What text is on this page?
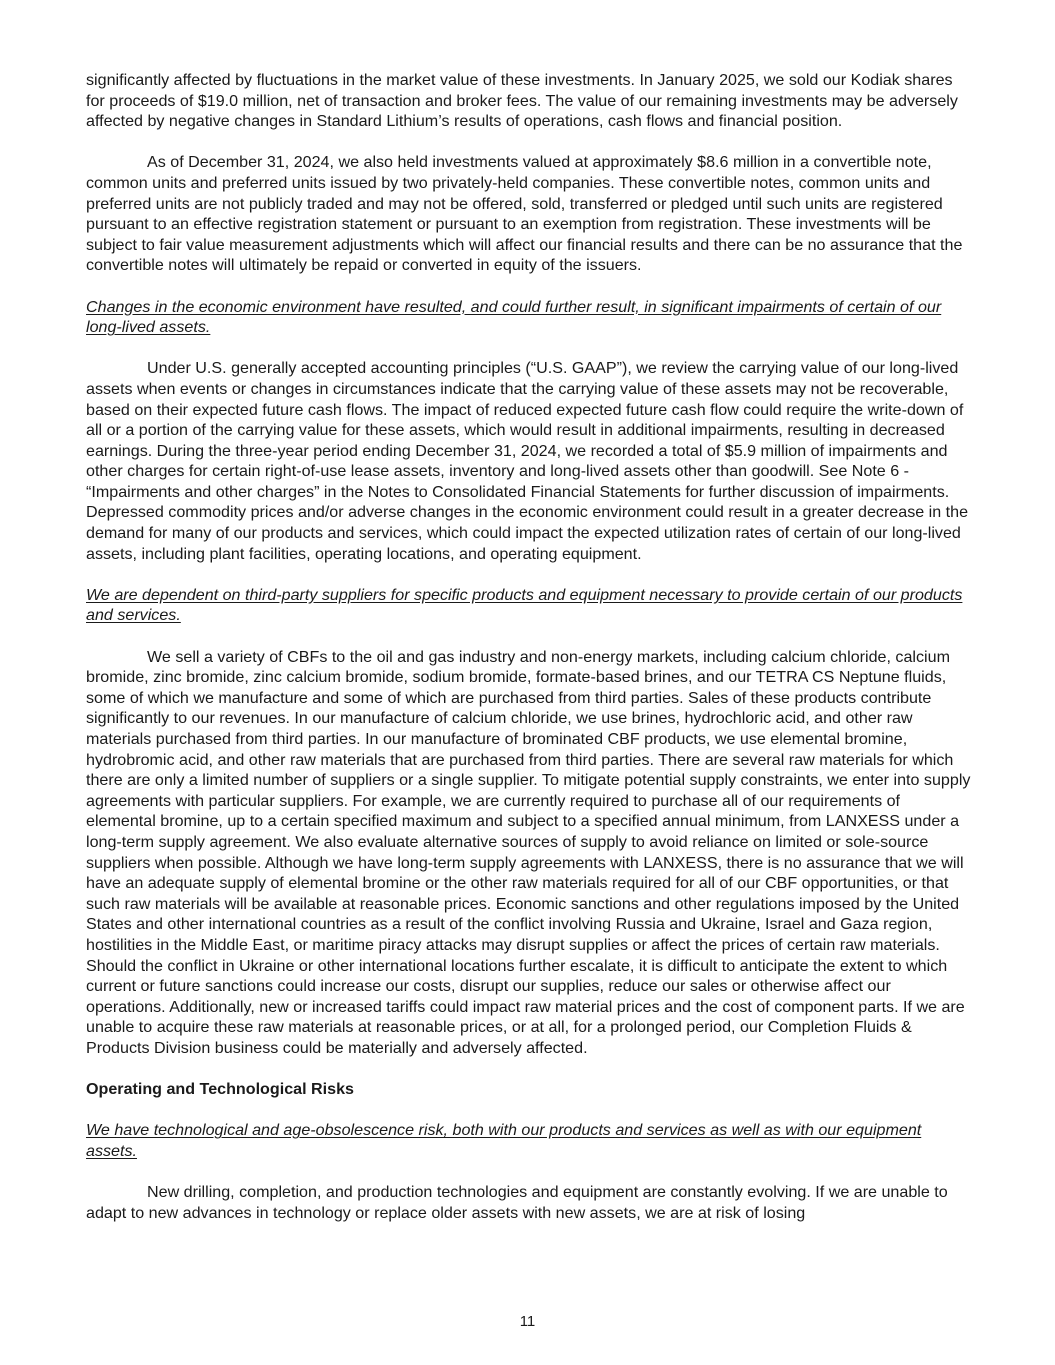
significantly affected by fluctuations in the market value of these investments. In January 2025, we sold our Kodiak shares for proceeds of $19.0 million, net of transaction and broker fees. The value of our remaining investments may be adversely affected by negative changes in Standard Lithium’s results of operations, cash flows and financial position.

As of December 31, 2024, we also held investments valued at approximately $8.6 million in a convertible note, common units and preferred units issued by two privately-held companies. These convertible notes, common units and preferred units are not publicly traded and may not be offered, sold, transferred or pledged until such units are registered pursuant to an effective registration statement or pursuant to an exemption from registration. These investments will be subject to fair value measurement adjustments which will affect our financial results and there can be no assurance that the convertible notes will ultimately be repaid or converted in equity of the issuers.

Changes in the economic environment have resulted, and could further result, in significant impairments of certain of our long-lived assets.

Under U.S. generally accepted accounting principles (“U.S. GAAP”), we review the carrying value of our long-lived assets when events or changes in circumstances indicate that the carrying value of these assets may not be recoverable, based on their expected future cash flows. The impact of reduced expected future cash flow could require the write-down of all or a portion of the carrying value for these assets, which would result in additional impairments, resulting in decreased earnings. During the three-year period ending December 31, 2024, we recorded a total of $5.9 million of impairments and other charges for certain right-of-use lease assets, inventory and long-lived assets other than goodwill. See Note 6 - “Impairments and other charges” in the Notes to Consolidated Financial Statements for further discussion of impairments. Depressed commodity prices and/or adverse changes in the economic environment could result in a greater decrease in the demand for many of our products and services, which could impact the expected utilization rates of certain of our long-lived assets, including plant facilities, operating locations, and operating equipment.

We are dependent on third-party suppliers for specific products and equipment necessary to provide certain of our products and services.

We sell a variety of CBFs to the oil and gas industry and non-energy markets, including calcium chloride, calcium bromide, zinc bromide, zinc calcium bromide, sodium bromide, formate-based brines, and our TETRA CS Neptune fluids, some of which we manufacture and some of which are purchased from third parties. Sales of these products contribute significantly to our revenues. In our manufacture of calcium chloride, we use brines, hydrochloric acid, and other raw materials purchased from third parties. In our manufacture of brominated CBF products, we use elemental bromine, hydrobromic acid, and other raw materials that are purchased from third parties. There are several raw materials for which there are only a limited number of suppliers or a single supplier. To mitigate potential supply constraints, we enter into supply agreements with particular suppliers. For example, we are currently required to purchase all of our requirements of elemental bromine, up to a certain specified maximum and subject to a specified annual minimum, from LANXESS under a long-term supply agreement. We also evaluate alternative sources of supply to avoid reliance on limited or sole-source suppliers when possible. Although we have long-term supply agreements with LANXESS, there is no assurance that we will have an adequate supply of elemental bromine or the other raw materials required for all of our CBF opportunities, or that such raw materials will be available at reasonable prices. Economic sanctions and other regulations imposed by the United States and other international countries as a result of the conflict involving Russia and Ukraine, Israel and Gaza region, hostilities in the Middle East, or maritime piracy attacks may disrupt supplies or affect the prices of certain raw materials. Should the conflict in Ukraine or other international locations further escalate, it is difficult to anticipate the extent to which current or future sanctions could increase our costs, disrupt our supplies, reduce our sales or otherwise affect our operations. Additionally, new or increased tariffs could impact raw material prices and the cost of component parts. If we are unable to acquire these raw materials at reasonable prices, or at all, for a prolonged period, our Completion Fluids & Products Division business could be materially and adversely affected.

Operating and Technological Risks

We have technological and age-obsolescence risk, both with our products and services as well as with our equipment assets.

New drilling, completion, and production technologies and equipment are constantly evolving. If we are unable to adapt to new advances in technology or replace older assets with new assets, we are at risk of losing

11
